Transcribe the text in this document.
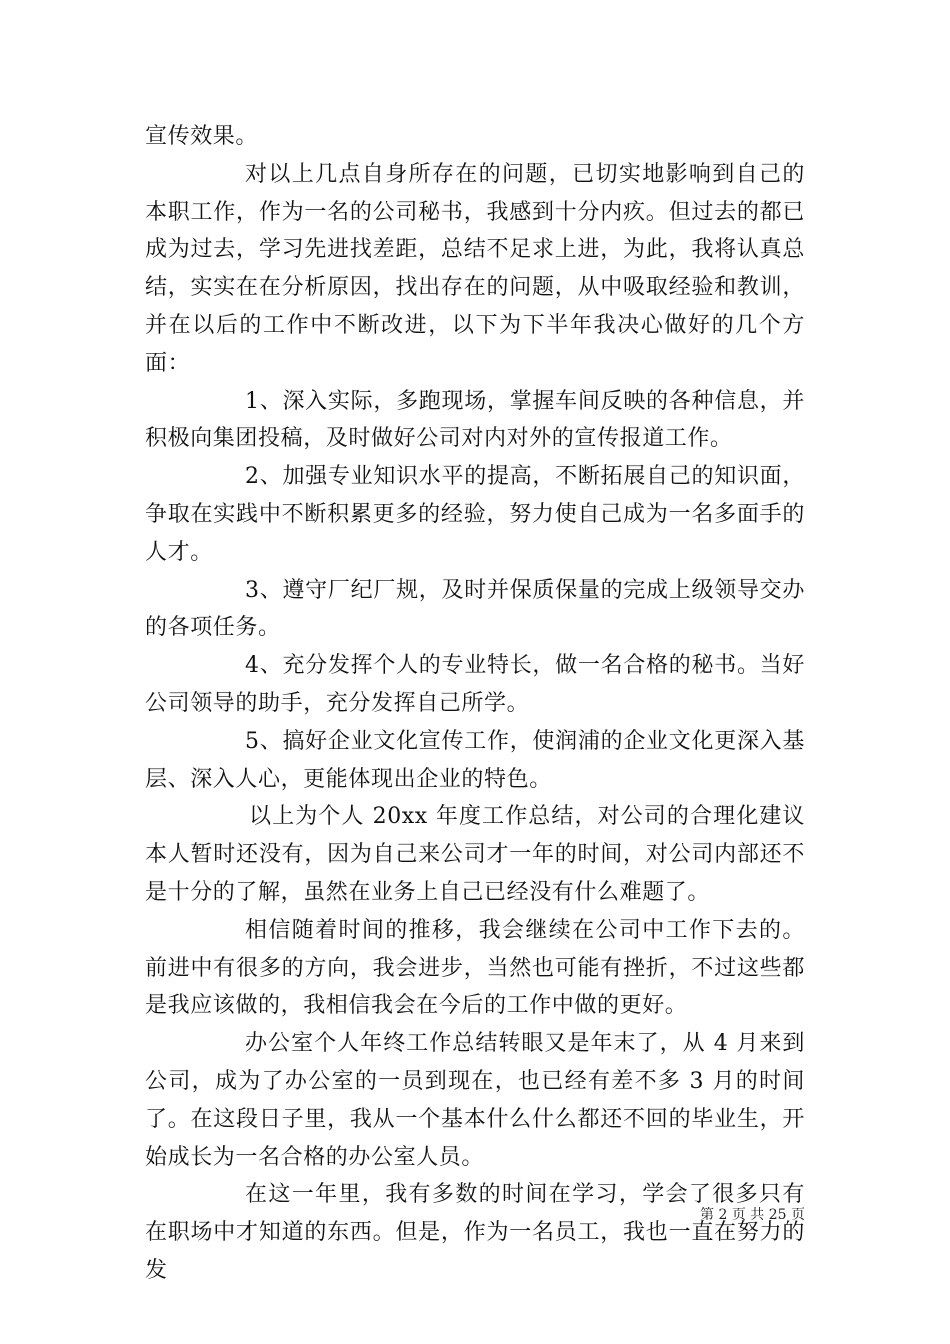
宣传效果。

对以上几点自身所存在的问题，已切实地影响到自己的本职工作，作为一名的公司秘书，我感到十分内疚。但过去的都已成为过去，学习先进找差距，总结不足求上进，为此，我将认真总结，实实在在分析原因，找出存在的问题，从中吸取经验和教训，并在以后的工作中不断改进，以下为下半年我决心做好的几个方面：

1、深入实际，多跑现场，掌握车间反映的各种信息，并积极向集团投稿，及时做好公司对内对外的宣传报道工作。

2、加强专业知识水平的提高，不断拓展自己的知识面，争取在实践中不断积累更多的经验，努力使自己成为一名多面手的人才。

3、遵守厂纪厂规，及时并保质保量的完成上级领导交办的各项任务。

4、充分发挥个人的专业特长，做一名合格的秘书。当好公司领导的助手，充分发挥自己所学。

5、搞好企业文化宣传工作，使润浦的企业文化更深入基层、深入人心，更能体现出企业的特色。

以上为个人 20xx 年度工作总结，对公司的合理化建议本人暂时还没有，因为自己来公司才一年的时间，对公司内部还不是十分的了解，虽然在业务上自己已经没有什么难题了。

相信随着时间的推移，我会继续在公司中工作下去的。前进中有很多的方向，我会进步，当然也可能有挫折，不过这些都是我应该做的，我相信我会在今后的工作中做的更好。

办公室个人年终工作总结转眼又是年末了，从 4 月来到公司，成为了办公室的一员到现在，也已经有差不多 3 月的时间了。在这段日子里，我从一个基本什么什么都还不回的毕业生，开始成长为一名合格的办公室人员。

在这一年里，我有多数的时间在学习，学会了很多只有在职场中才知道的东西。但是，作为一名员工，我也一直在努力的发

第 2 页 共 25 页
